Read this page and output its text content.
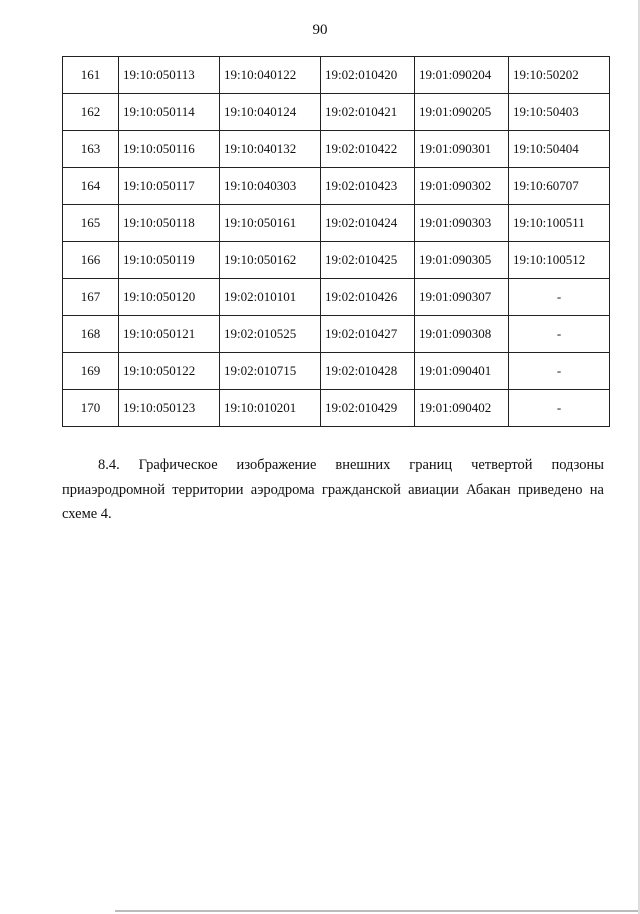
90
161	19:10:050113	19:10:040122	19:02:010420	19:01:090204	19:10:50202
162	19:10:050114	19:10:040124	19:02:010421	19:01:090205	19:10:50403
163	19:10:050116	19:10:040132	19:02:010422	19:01:090301	19:10:50404
164	19:10:050117	19:10:040303	19:02:010423	19:01:090302	19:10:60707
165	19:10:050118	19:10:050161	19:02:010424	19:01:090303	19:10:100511
166	19:10:050119	19:10:050162	19:02:010425	19:01:090305	19:10:100512
167	19:10:050120	19:02:010101	19:02:010426	19:01:090307	-
168	19:10:050121	19:02:010525	19:02:010427	19:01:090308	-
169	19:10:050122	19:02:010715	19:02:010428	19:01:090401	-
170	19:10:050123	19:10:010201	19:02:010429	19:01:090402	-
8.4. Графическое изображение внешних границ четвертой подзоны приаэродромной территории аэродрома гражданской авиации Абакан приведено на схеме 4.
